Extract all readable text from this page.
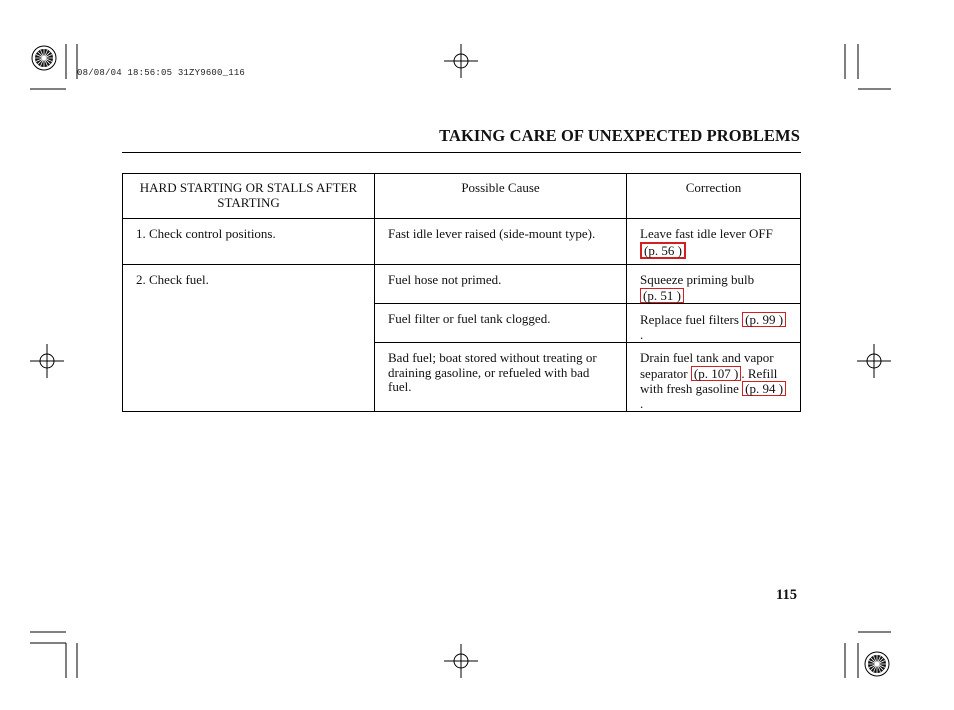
08/08/04 18:56:05 31ZY9600_116
TAKING CARE OF UNEXPECTED PROBLEMS
HARD STARTING OR STALLS AFTER STARTING	Possible Cause	Correction
1. Check control positions.	Fast idle lever raised (side-mount type).	Leave fast idle lever OFF (p. 56 )
2. Check fuel.	Fuel hose not primed.	Squeeze priming bulb (p. 51 )
	Fuel filter or fuel tank clogged.	Replace fuel filters (p. 99 ).
	Bad fuel; boat stored without treating or draining gasoline, or refueled with bad fuel.	Drain fuel tank and vapor separator (p. 107 ) . Refill with fresh gasoline (p. 94 ).
115
